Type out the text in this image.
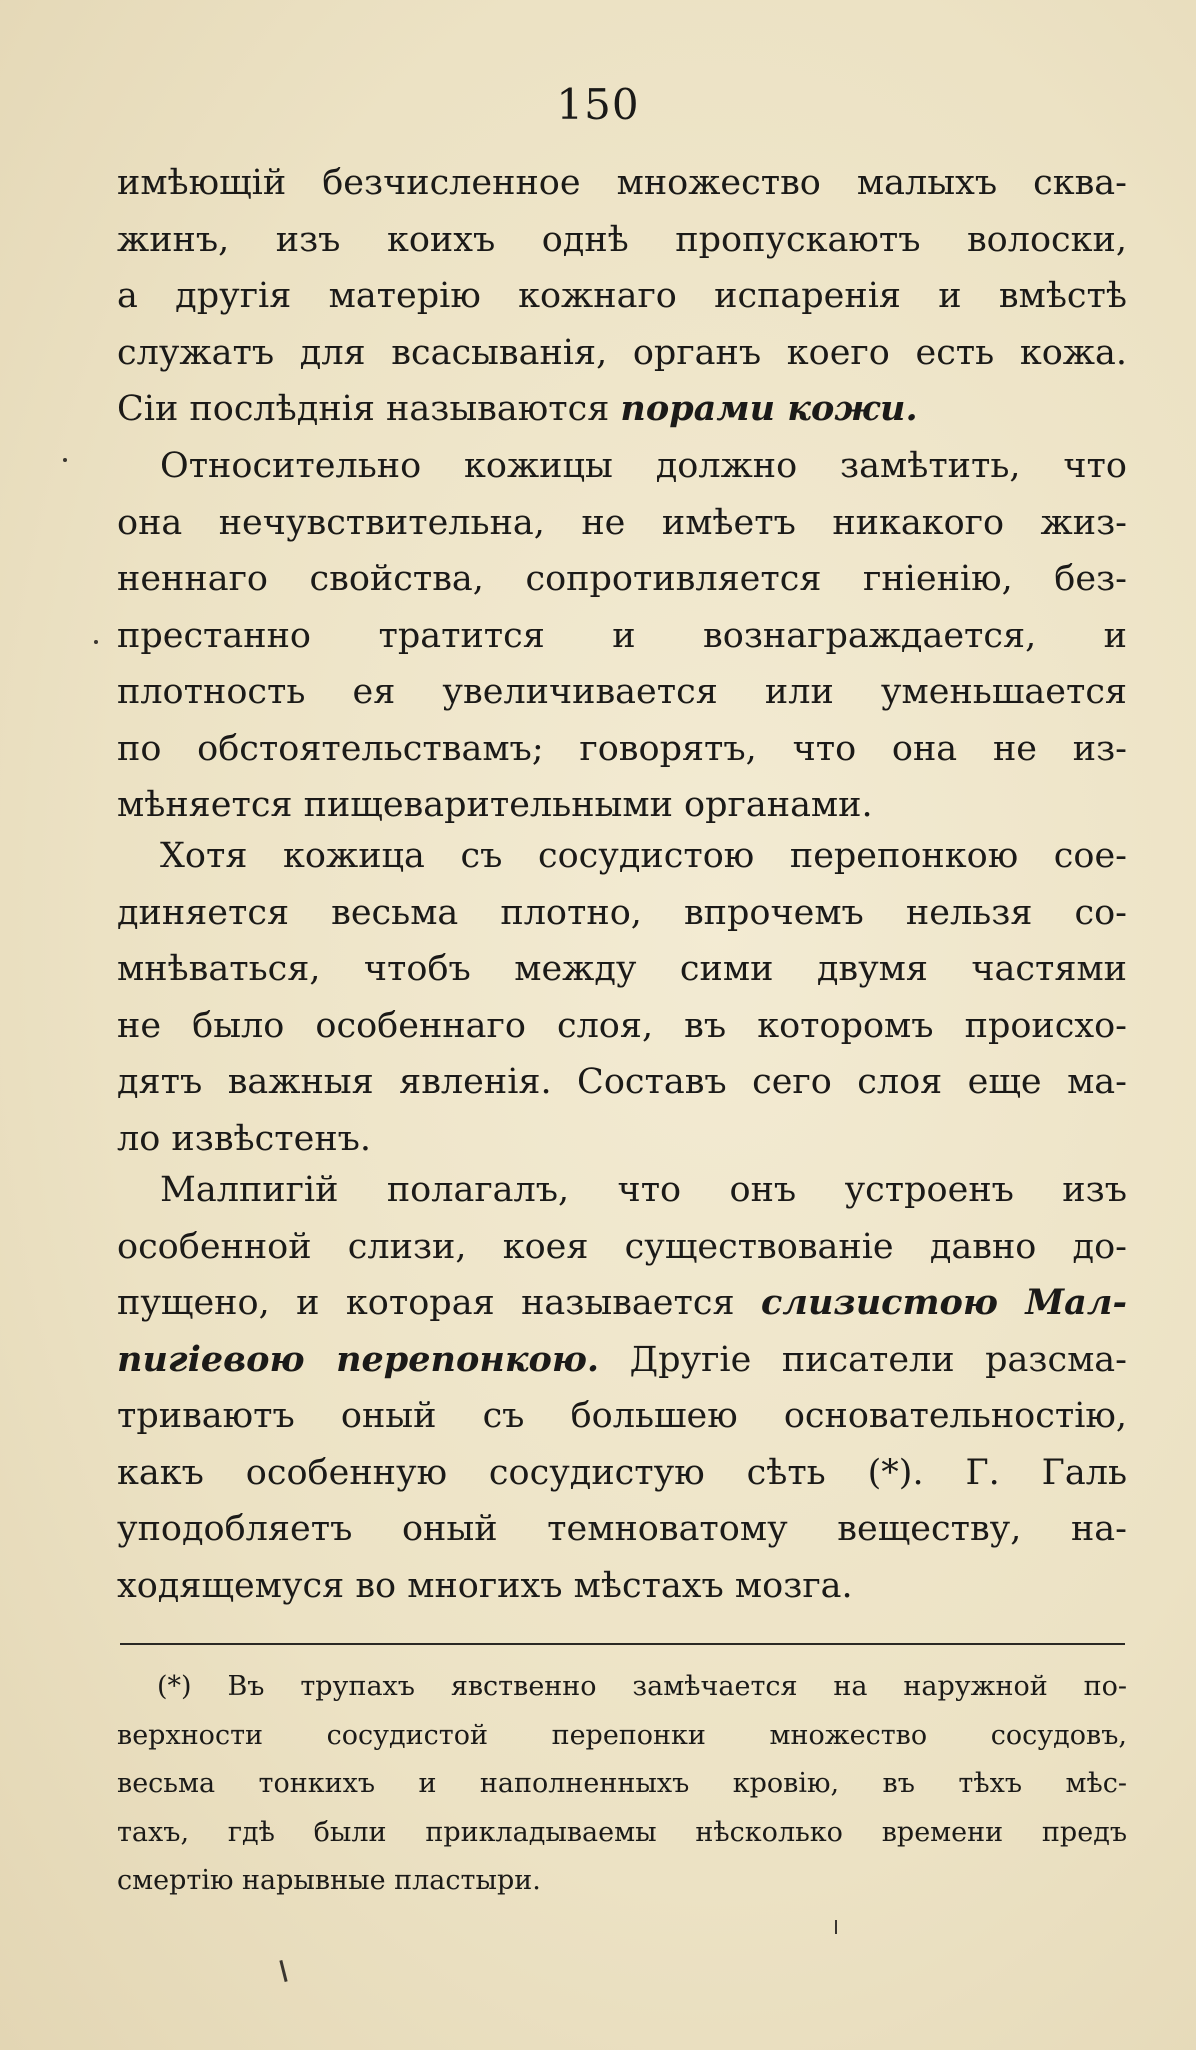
150
имѣющій безчисленное множество малыхъ сква-
жинъ, изъ коихъ однѣ пропускаютъ волоски,
а другія матерію кожнаго испаренія и вмѣстѣ
служатъ для всасыванія, органъ коего есть кожа.
Сіи послѣднія называются порами кожи.
Относительно кожицы должно замѣтить, что
она нечувствительна, не имѣетъ никакого жиз-
неннаго свойства, сопротивляется гніенію, без-
престанно тратится и вознаграждается, и
плотность ея увеличивается или уменьшается
по обстоятельствамъ; говорятъ, что она не из-
мѣняется пищеварительными органами.
Хотя кожица съ сосудистою перепонкою сое-
диняется весьма плотно, впрочемъ нельзя со-
мнѣваться, чтобъ между сими двумя частями
не было особеннаго слоя, въ которомъ происхо-
дятъ важныя явленія. Составъ сего слоя еще ма-
ло извѣстенъ.
Малпигій полагалъ, что онъ устроенъ изъ
особенной слизи, коея существованіе давно до-
пущено, и которая называется слизистою Мал-
пигіевою перепонкою. Другіе писатели разсма-
триваютъ оный съ большею основательностію,
какъ особенную сосудистую сѣть (*). Г. Галь
уподобляетъ оный темноватому веществу, на-
ходящемуся во многихъ мѣстахъ мозга.
(*) Въ трупахъ явственно замѣчается на наружной по-
верхности сосудистой перепонки множество сосудовъ,
весьма тонкихъ и наполненныхъ кровію, въ тѣхъ мѣс-
тахъ, гдѣ были прикладываемы нѣсколько времени предъ
смертію нарывные пластыри.
